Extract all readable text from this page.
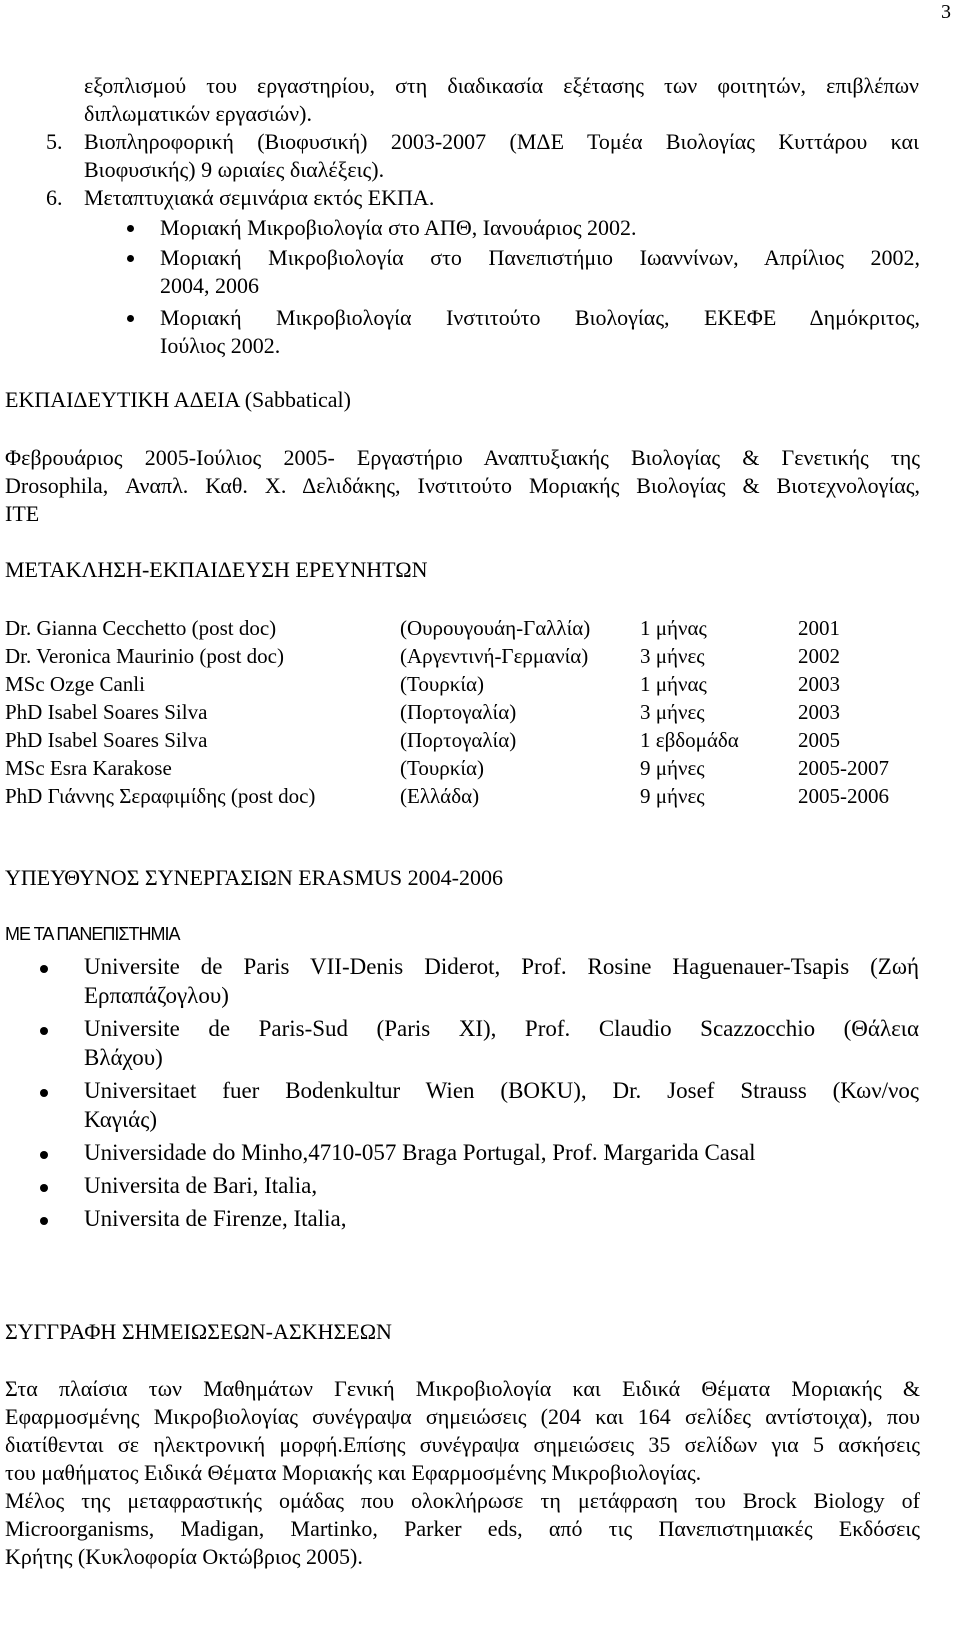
3
εξοπλισμού του εργαστηρίου, στη διαδικασία εξέτασης των φοιτητών, επιβλέπων
διπλωματικών εργασιών).
5. Βιοπληροφορική (Βιοφυσική) 2003-2007 (ΜΔΕ Τομέα Βιολογίας Κυττάρου και
Βιοφυσικής) 9 ωριαίες διαλέξεις).
6. Μεταπτυχιακά σεμινάρια εκτός ΕΚΠΑ.
Μοριακή Μικροβιολογία στο ΑΠΘ, Ιανουάριος 2002.
Μοριακή Μικροβιολογία στο Πανεπιστήμιο Ιωαννίνων, Απρίλιος 2002,
2004, 2006
Μοριακή Μικροβιολογία Ινστιτούτο Βιολογίας, ΕΚΕΦΕ Δημόκριτος,
Ιούλιος 2002.
ΕΚΠΑΙΔΕΥΤΙΚΗ ΑΔΕΙΑ (Sabbatical)
Φεβρουάριος 2005-Ιούλιος 2005- Εργαστήριο Αναπτυξιακής Βιολογίας & Γενετικής της
Drosophila, Αναπλ. Καθ. Χ. Δελιδάκης, Ινστιτούτο Μοριακής Βιολογίας & Βιοτεχνολογίας,
ΙΤΕ
ΜΕΤΑΚΛΗΣΗ-ΕΚΠΑΙΔΕΥΣΗ ΕΡΕΥΝΗΤΩΝ
Dr. Gianna Cecchetto (post doc)	(Ουρουγουάη-Γαλλία) 1 μήνας	2001
Dr. Veronica Maurinio (post doc)	(Αργεντινή-Γερμανία) 3 μήνες	2002
MSc Ozge Canli	(Τουρκία)	1 μήνας	2003
PhD Isabel Soares Silva	(Πορτογαλία)	3 μήνες	2003
PhD Isabel Soares Silva	(Πορτογαλία)	1 εβδομάδα	2005
MSc Esra Karakose	(Τουρκία)	9 μήνες	2005-2007
PhD Γιάννης Σεραφιμίδης (post doc)	(Ελλάδα)	9 μήνες	2005-2006
ΥΠΕΥΘΥΝΟΣ ΣΥΝΕΡΓΑΣΙΩΝ ERASMUS 2004-2006
ΜΕ ΤΑ ΠΑΝΕΠΙΣΤΗΜΙΑ
Universite de Paris VII-Denis Diderot, Prof. Rosine Haguenauer-Tsapis (Ζωή
Ερπαπάζογλου)
Universite de Paris-Sud (Paris XI), Prof. Claudio Scazzocchio (Θάλεια
Βλάχου)
Universitaet fuer Bodenkultur Wien (BOKU), Dr. Josef Strauss (Κων/νος
Καγιάς)
Universidade do Minho,4710-057 Braga Portugal, Prof. Margarida Casal
Universita de Bari, Italia,
Universita de Firenze, Italia,
ΣΥΓΓΡΑΦΗ ΣΗΜΕΙΩΣΕΩΝ-ΑΣΚΗΣΕΩΝ
Στα πλαίσια των Μαθημάτων Γενική Μικροβιολογία και Ειδικά Θέματα Μοριακής &
Εφαρμοσμένης Μικροβιολογίας συνέγραψα σημειώσεις (204 και 164 σελίδες αντίστοιχα), που
διατίθενται σε ηλεκτρονική μορφή.Επίσης συνέγραψα σημειώσεις 35 σελίδων για 5 ασκήσεις
του μαθήματος Ειδικά Θέματα Μοριακής και Εφαρμοσμένης Μικροβιολογίας.
Μέλος της μεταφραστικής ομάδας που ολοκλήρωσε τη μετάφραση του Brock Biology of
Microorganisms, Madigan, Martinko, Parker eds, από τις Πανεπιστημιακές Εκδόσεις
Κρήτης (Κυκλοφορία Οκτώβριος 2005).
